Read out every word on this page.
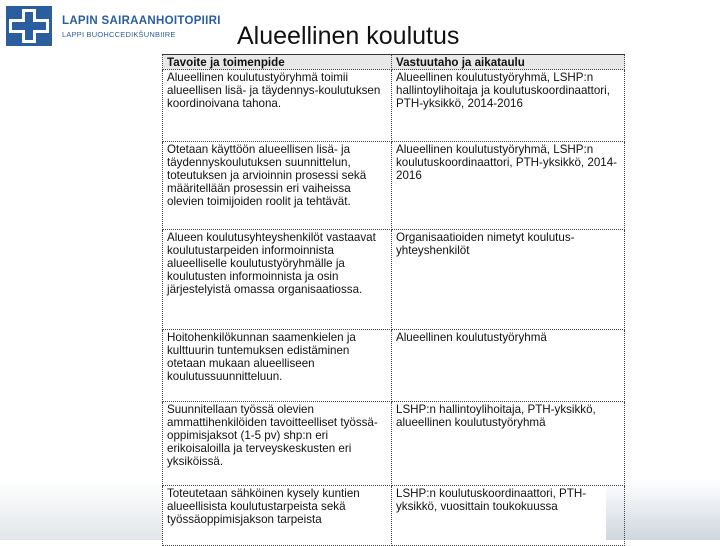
LAPIN SAIRAANHOITOPIIRI
LAPPI BUOHCCEDIKŠUNBIIRE Alueellinen koulutus
Tavoite ja toimenpide	Vastuutaho ja aikataulu
Alueellinen koulutustyöryhmä toimii alueellisen lisä- ja täydennys-koulutuksen koordinoivana tahona.	Alueellinen koulutustyöryhmä, LSHP:n hallintoylihoitaja ja koulutuskoordinaattori, PTH-yksikkö, 2014-2016
Otetaan käyttöön alueellisen lisä- ja täydennyskoulutuksen suunnittelun, toteutuksen ja arvioinnin prosessi sekä määritellään prosessin eri vaiheissa olevien toimijoiden roolit ja tehtävät.	Alueellinen koulutustyöryhmä, LSHP:n koulutuskoordinaattori, PTH-yksikkö, 2014-2016
Alueen koulutusyhteyshenkilöt vastaavat koulutustarpeiden informoinnista alueelliselle koulutustyöryhmälle ja koulutusten informoinnista ja osin järjestelyistä omassa organisaatiossa.	Organisaatioiden nimetyt koulutus-yhteyshenkilöt
Hoitohenkilökunnan saamenkielen ja kulttuurin tuntemuksen edistäminen otetaan mukaan alueelliseen koulutussuunnitteluun.	Alueellinen koulutustyöryhmä
Suunnitellaan työssä olevien ammattihenkilöiden tavoitteelliset työssä-oppimisjaksot (1-5 pv) shp:n eri erikoisaloilla ja terveyskeskusten eri yksiköissä.	LSHP:n hallintoylihoitaja, PTH-yksikkö, alueellinen koulutustyöryhmä
Toteutetaan sähköinen kysely kuntien alueellisista koulutustarpeista sekä työssäoppimisjakson tarpeista	LSHP:n koulutuskoordinaattori, PTH-yksikkö, vuosittain toukokuussa
